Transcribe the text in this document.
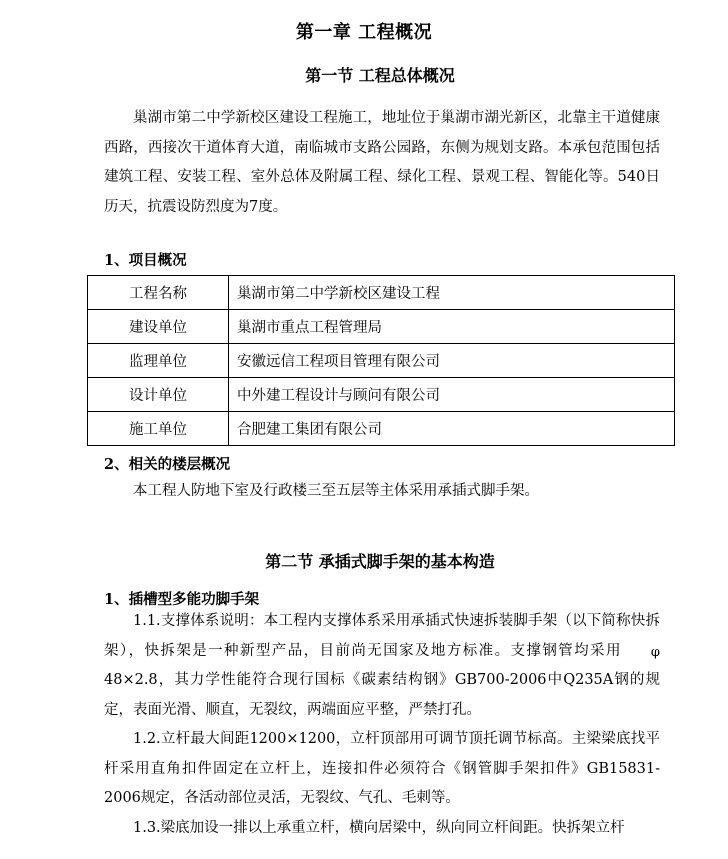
第一章 工程概况
第一节 工程总体概况

巢湖市第二中学新校区建设工程施工，地址位于巢湖市湖光新区，北靠主干道健康西路，西接次干道体育大道，南临城市支路公园路，东侧为规划支路。本承包范围包括建筑工程、安装工程、室外总体及附属工程、绿化工程、景观工程、智能化等。540日历天，抗震设防烈度为7度。

1、项目概况
工程名称	巢湖市第二中学新校区建设工程
建设单位	巢湖市重点工程管理局
监理单位	安徽远信工程项目管理有限公司
设计单位	中外建工程设计与顾问有限公司
施工单位	合肥建工集团有限公司
2、相关的楼层概况

本工程人防地下室及行政楼三至五层等主体采用承插式脚手架。

第二节 承插式脚手架的基本构造
1、插槽型多能功脚手架

1.1.支撑体系说明：本工程内支撑体系采用承插式快速拆装脚手架（以下简称快拆架），快拆架是一种新型产品，目前尚无国家及地方标准。支撑钢管均采用 φ48×2.8，其力学性能符合现行国标《碳素结构钢》GB700-2006中Q235A钢的规定，表面光滑、顺直，无裂纹，两端面应平整，严禁打孔。

1.2.立杆最大间距1200×1200，立杆顶部用可调节顶托调节标高。主梁梁底找平杆采用直角扣件固定在立杆上，连接扣件必须符合《钢管脚手架扣件》GB15831-2006规定，各活动部位灵活，无裂纹、气孔、毛刺等。

1.3.梁底加设一排以上承重立杆，横向居梁中，纵向同立杆间距。快拆架立杆
